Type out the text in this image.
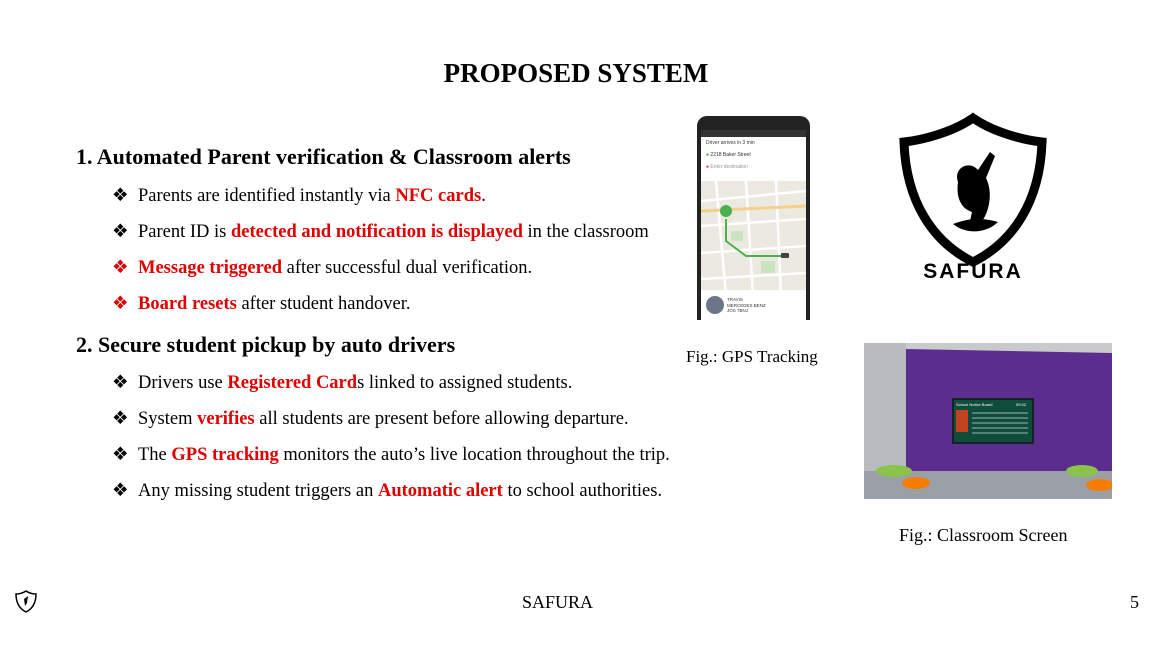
PROPOSED SYSTEM
1. Automated Parent verification & Classroom alerts
❖ Parents are identified instantly via NFC cards.
❖ Parent ID is detected and notification is displayed in the classroom
❖ Message triggered after successful dual verification.
❖ Board resets after student handover.
2. Secure student pickup by auto drivers
❖ Drivers use Registered Cards linked to assigned students.
❖ System verifies all students are present before allowing departure.
❖ The GPS tracking monitors the auto’s live location throughout the trip.
❖ Any missing student triggers an Automatic alert to school authorities.
Driver arrives in 3 min
● 2218 Baker Street
● Enter destination
TRAVIS
MERCEDES BENZ
JOS 7BNJ
Fig.: GPS Tracking
SAFURA
School Notice Board	09:32
Fig.: Classroom Screen
SAFURA	5
